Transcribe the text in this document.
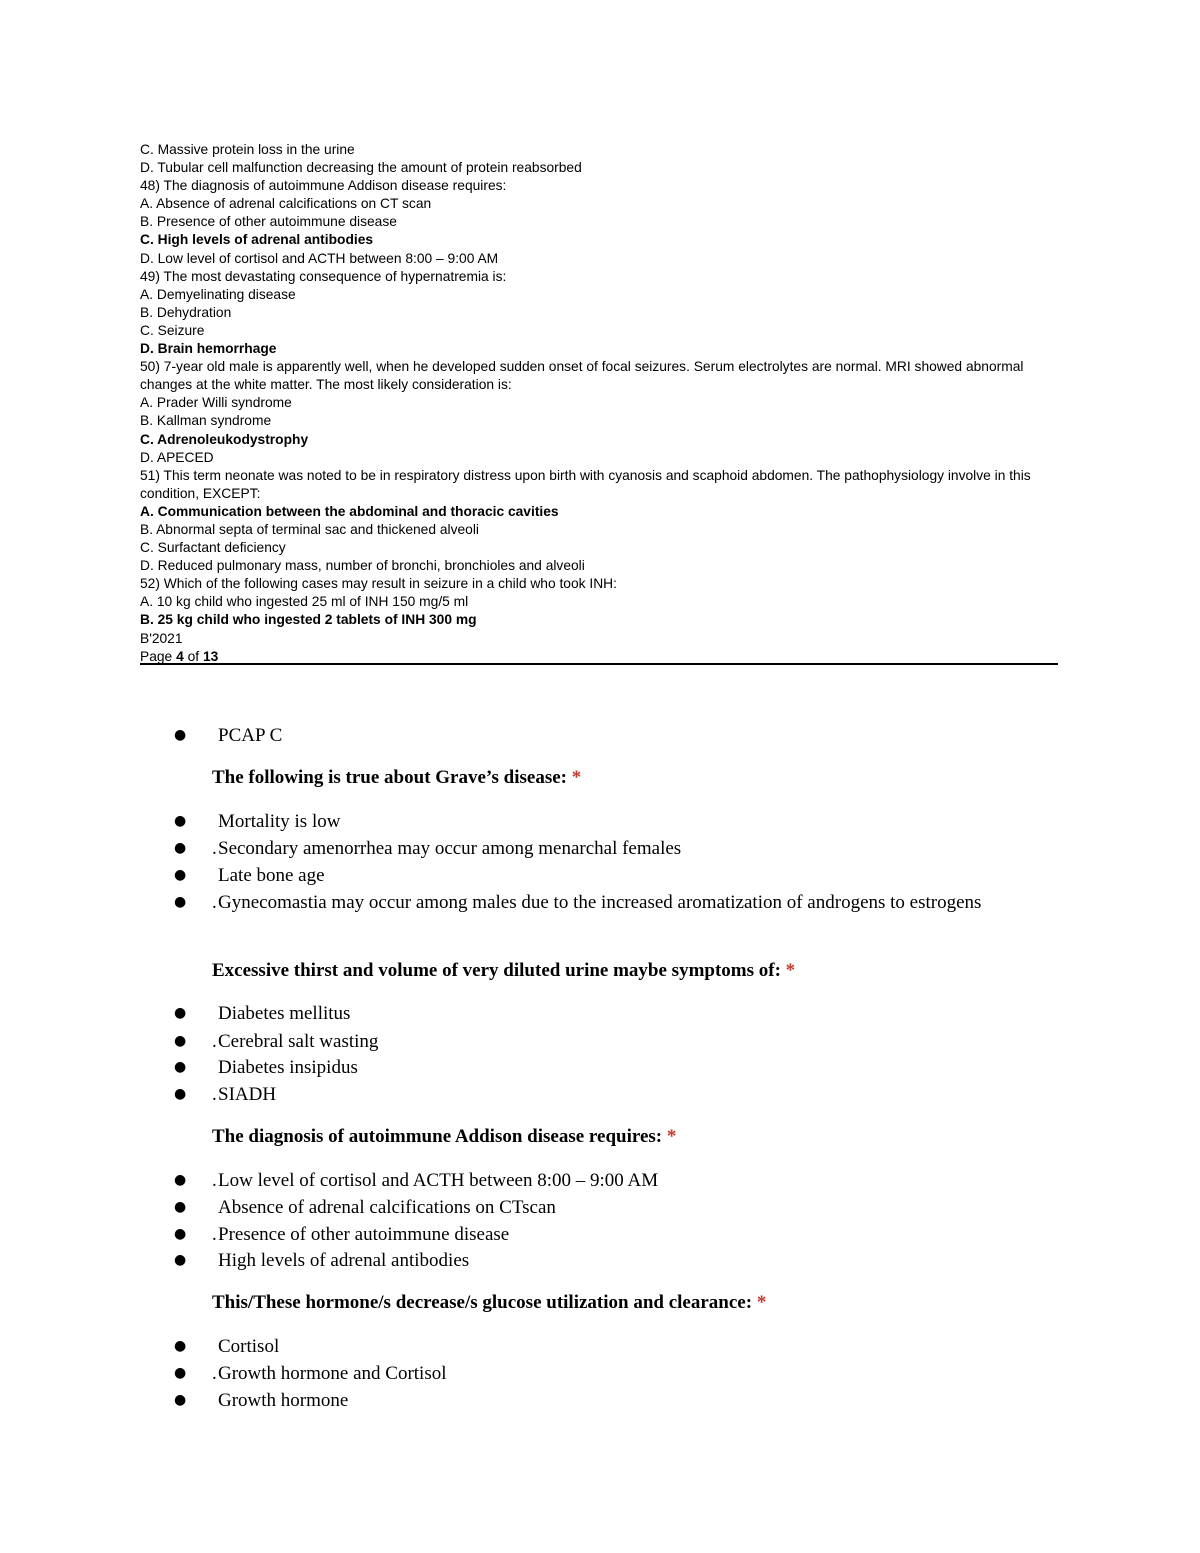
C. Massive protein loss in the urine
D. Tubular cell malfunction decreasing the amount of protein reabsorbed
48) The diagnosis of autoimmune Addison disease requires:
A. Absence of adrenal calcifications on CT scan
B. Presence of other autoimmune disease
C. High levels of adrenal antibodies
D. Low level of cortisol and ACTH between 8:00 – 9:00 AM
49) The most devastating consequence of hypernatremia is:
A. Demyelinating disease
B. Dehydration
C. Seizure
D. Brain hemorrhage
50) 7-year old male is apparently well, when he developed sudden onset of focal seizures. Serum electrolytes are normal. MRI showed abnormal changes at the white matter. The most likely consideration is:
A. Prader Willi syndrome
B. Kallman syndrome
C. Adrenoleukodystrophy
D. APECED
51) This term neonate was noted to be in respiratory distress upon birth with cyanosis and scaphoid abdomen. The pathophysiology involve in this condition, EXCEPT:
A. Communication between the abdominal and thoracic cavities
B. Abnormal septa of terminal sac and thickened alveoli
C. Surfactant deficiency
D. Reduced pulmonary mass, number of bronchi, bronchioles and alveoli
52) Which of the following cases may result in seizure in a child who took INH:
A. 10 kg child who ingested 25 ml of INH 150 mg/5 ml
B. 25 kg child who ingested 2 tablets of INH 300 mg
B'2021
Page 4 of 13
● PCAP C
The following is true about Grave’s disease: *
● Mortality is low
● .Secondary amenorrhea may occur among menarchal females
● Late bone age
● .Gynecomastia may occur among males due to the increased aromatization of androgens to estrogens
Excessive thirst and volume of very diluted urine maybe symptoms of: *
● Diabetes mellitus
● .Cerebral salt wasting
● Diabetes insipidus
● .SIADH
The diagnosis of autoimmune Addison disease requires: *
● .Low level of cortisol and ACTH between 8:00 – 9:00 AM
● Absence of adrenal calcifications on CTscan
● .Presence of other autoimmune disease
● High levels of adrenal antibodies
This/These hormone/s decrease/s glucose utilization and clearance: *
● Cortisol
● .Growth hormone and Cortisol
● Growth hormone
